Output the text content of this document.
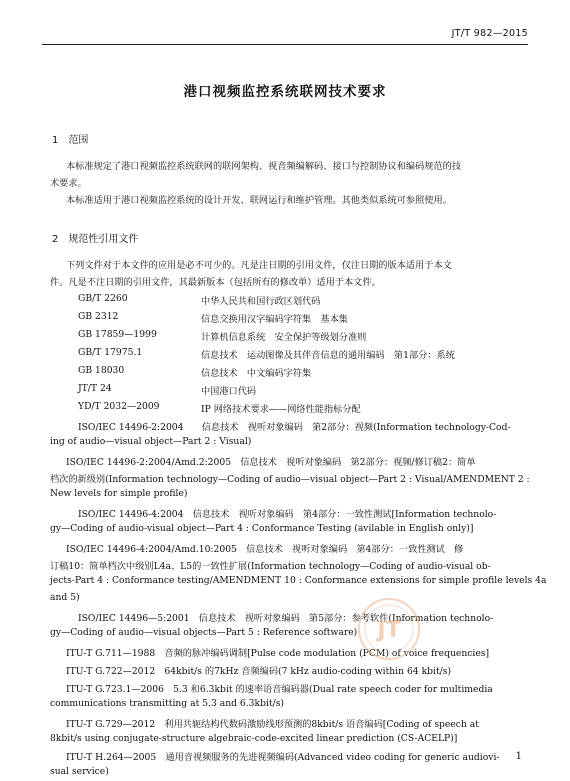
JT/T 982—2015
港口视频监控系统联网技术要求
1　范围
本标准规定了港口视频监控系统联网的联网架构、视音频编解码、接口与控制协议和编码规范的技
术要求。
本标准适用于港口视频监控系统的设计开发、联网运行和维护管理。其他类似系统可参照使用。
2　规范性引用文件
下列文件对于本文件的应用是必不可少的。凡是注日期的引用文件，仅注日期的版本适用于本文
件。凡是不注日期的引用文件，其最新版本（包括所有的修改单）适用于本文件。
GB/T 2260	中华人民共和国行政区划代码
GB 2312	信息交换用汉字编码字符集　基本集
GB 17859—1999	计算机信息系统　安全保护等级划分准则
GB/T 17975.1	信息技术　运动图像及其伴音信息的通用编码　第1部分：系统
GB 18030	信息技术　中文编码字符集
JT/T 24	中国港口代码
YD/T 2032—2009	IP 网络技术要求——网络性能指标分配
ISO/IEC 14496-2:2004　　信息技术　视听对象编码　第2部分：视频(Information technology-Cod-
ing of audio—visual object—Part 2 : Visual)
ISO/IEC 14496-2:2004/Amd.2:2005　信息技术　视听对象编码　第2部分：视频/修订稿2：简单
档次的新级别(Information technology—Coding of audio—visual object—Part 2 : Visual/AMENDMENT 2 :
New levels for simple profile)
ISO/IEC 14496-4:2004　信息技术　视听对象编码　第4部分：一致性测试[Information technolo-
gy—Coding of audio-visual object—Part 4 : Conformance Testing (avilable in English only)]
ISO/IEC 14496-4:2004/Amd.10:2005　信息技术　视听对象编码　第4部分：一致性测试　修
订稿10：简单档次中级别L4a、L5的一致性扩展(Information technology—Coding of audio-visual ob-
jects-Part 4 : Conformance testing/AMENDMENT 10 : Conformance extensions for simple profile levels 4a
and 5)
ISO/IEC 14496—5:2001　信息技术　视听对象编码　第5部分：参考软件(Information technolo-
gy—Coding of audio—visual objects—Part 5 : Reference software)
ITU-T G.711—1988　音频的脉冲编码调制[Pulse code modulation (PCM) of voice frequencies]
ITU-T G.722—2012　64kbit/s 的7kHz 音频编码(7 kHz audio-coding within 64 kbit/s)
ITU-T G.723.1—2006　5.3 和6.3kbit 的速率语音编码器(Dual rate speech coder for multimedia
communications transmitting at 5.3 and 6.3kbit/s)
ITU-T G.729—2012　利用共轭结构代数码激励线形预测的8kbit/s 语音编码[Coding of speech at
8kbit/s using conjugate-structure algebraic-code-excited linear prediction (CS-ACELP)]
ITU-T H.264—2005　通用音视频服务的先进视频编码(Advanced video coding for generic audiovi-
sual service)
JT
1
